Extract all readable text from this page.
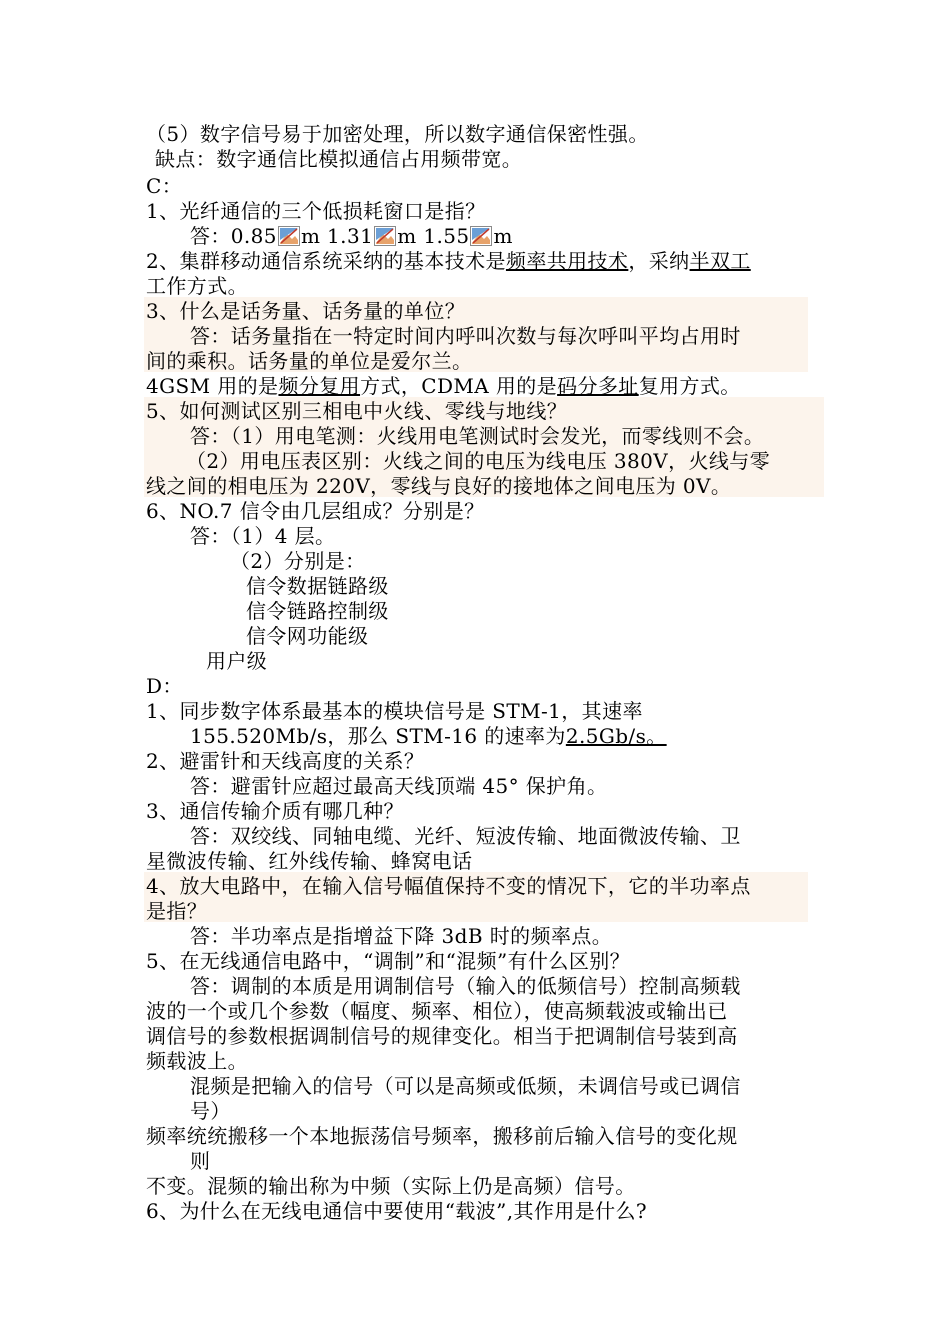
（5）数字信号易于加密处理，所以数字通信保密性强。
缺点：数字通信比模拟通信占用频带宽。
C：
1、光纤通信的三个低损耗窗口是指？
答：0.85 m 1.31 m 1.55 m
2、集群移动通信系统采纳的基本技术是频率共用技术，采纳半双工
工作方式。
3、什么是话务量、话务量的单位？
答：话务量指在一特定时间内呼叫次数与每次呼叫平均占用时
间的乘积。话务量的单位是爱尔兰。
4GSM 用的是频分复用方式，CDMA 用的是码分多址复用方式。
5、如何测试区别三相电中火线、零线与地线？
答：（1）用电笔测：火线用电笔测试时会发光，而零线则不会。
（2）用电压表区别：火线之间的电压为线电压 380V，火线与零
线之间的相电压为 220V，零线与良好的接地体之间电压为 0V。
6、NO.7 信令由几层组成？分别是？
答：（1）4 层。
（2）分别是：
信令数据链路级
信令链路控制级
信令网功能级
用户级
D：
1、同步数字体系最基本的模块信号是 STM-1，其速率
155.520Mb/s，那么 STM-16 的速率为2.5Gb/s。
2、避雷针和天线高度的关系？
答：避雷针应超过最高天线顶端 45° 保护角。
3、通信传输介质有哪几种？
答：双绞线、同轴电缆、光纤、短波传输、地面微波传输、卫
星微波传输、红外线传输、蜂窝电话
4、放大电路中，在输入信号幅值保持不变的情况下，它的半功率点
是指？
答：半功率点是指增益下降 3dB 时的频率点。
5、在无线通信电路中，“调制”和“混频”有什么区别？
答：调制的本质是用调制信号（输入的低频信号）控制高频载
波的一个或几个参数（幅度、频率、相位），使高频载波或输出已
调信号的参数根据调制信号的规律变化。相当于把调制信号装到高
频载波上。
混频是把输入的信号（可以是高频或低频，未调信号或已调信
号）
频率统统搬移一个本地振荡信号频率，搬移前后输入信号的变化规
则
不变。混频的输出称为中频（实际上仍是高频）信号。
6、为什么在无线电通信中要使用“载波”,其作用是什么?
